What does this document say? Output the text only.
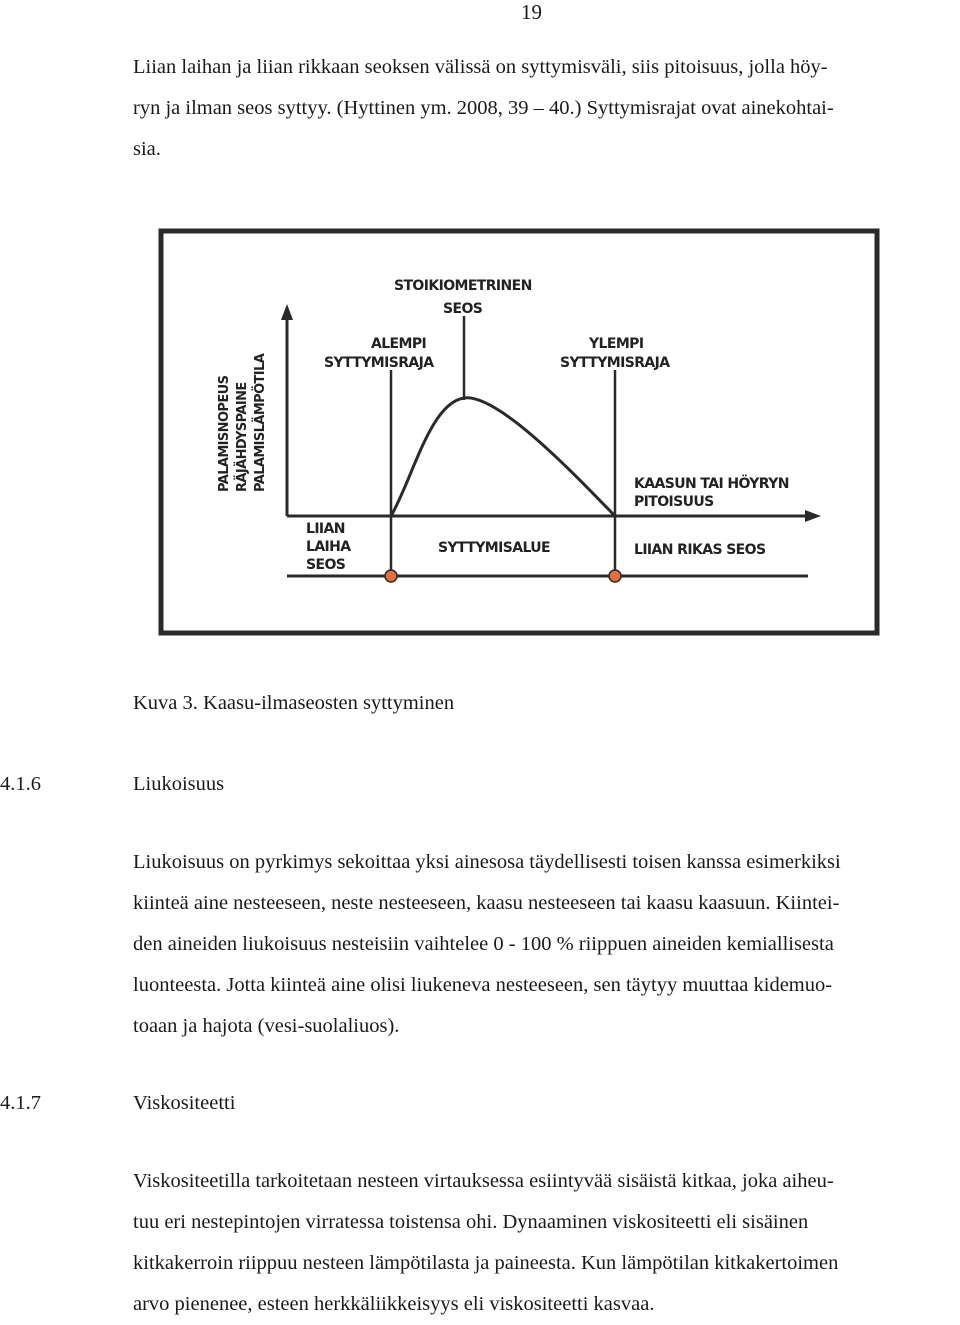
19

Liian laihan ja liian rikkaan seoksen välissä on syttymisväli, siis pitoisuus, jolla höy-
ryn ja ilman seos syttyy. (Hyttinen ym. 2008, 39 – 40.) Syttymisrajat ovat ainekohtai-
sia.

PALAMISNOPEUS RÄJÄHDYSPAINE PALAMISLÄMPÖTILA
STOIKIOMETRINEN
SEOS
ALEMPI
SYTTYMISRAJA
YLEMPI
SYTTYMISRAJA
KAASUN TAI HÖYRYN
PITOISUUS
LIIAN
LAIHA
SEOS
SYTTYMISALUE	LIIAN RIKAS SEOS
Kuva 3. Kaasu-ilmaseosten syttyminen
4.1.6	Liukoisuus

Liukoisuus on pyrkimys sekoittaa yksi ainesosa täydellisesti toisen kanssa esimerkiksi
kiinteä aine nesteeseen, neste nesteeseen, kaasu nesteeseen tai kaasu kaasuun. Kiintei-
den aineiden liukoisuus nesteisiin vaihtelee 0 - 100 % riippuen aineiden kemiallisesta
luonteesta. Jotta kiinteä aine olisi liukeneva nesteeseen, sen täytyy muuttaa kidemuo-
toaan ja hajota (vesi-suolaliuos).

4.1.7	Viskositeetti

Viskositeetilla tarkoitetaan nesteen virtauksessa esiintyvää sisäistä kitkaa, joka aiheu-
tuu eri nestepintojen virratessa toistensa ohi. Dynaaminen viskositeetti eli sisäinen
kitkakerroin riippuu nesteen lämpötilasta ja paineesta. Kun lämpötilan kitkakertoimen
arvo pienenee, esteen herkkäliikkeisyys eli viskositeetti kasvaa.
